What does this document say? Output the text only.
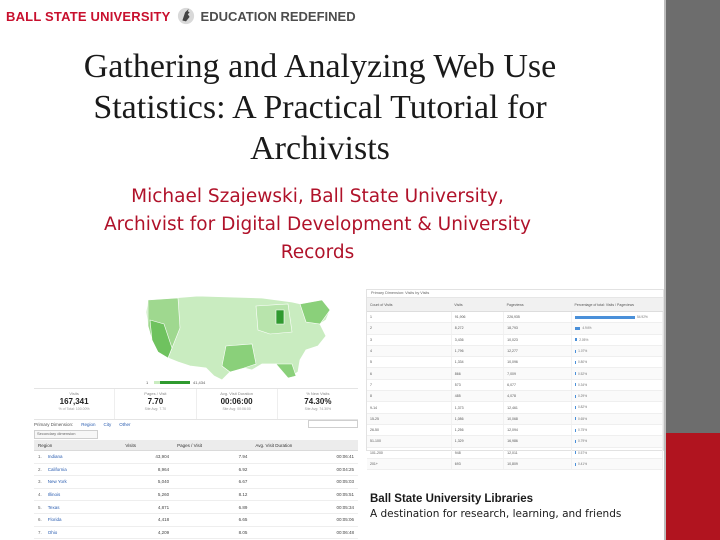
BALL STATE UNIVERSITY EDUCATION REDEFINED
Gathering and Analyzing Web Use Statistics: A Practical Tutorial for Archivists
Michael Szajewski, Ball State University, Archivist for Digital Development & University Records
1	41,434
Visits
167,341
% of Total: 100.00%
Pages / Visit
7.70
Site Avg: 7.70
Avg. Visit Duration
00:06:00
Site Avg: 00:06:00
% New Visits
74.30%
Site Avg: 74.30%
Primary Dimension: Region City Other
Secondary dimension
Region	Visits	Pages / Visit	Avg. Visit Duration
1. Indiana	43,904	7.94	00:06:41
2. California	8,964	6.92	00:04:25
3. New York	5,040	6.67	00:05:03
4. Illinois	5,260	8.12	00:05:51
5. Texas	4,871	6.89	00:05:34
6. Florida	4,418	6.65	00:05:06
7. Ohio	4,209	8.05	00:06:48
Primary Dimension: Visits by Visits
Count of Visits	Visits	Pageviews	Percentage of total: Visits / Pageviews
1	91,906	226,935	54.92%
2	8,272	18,793	4.94%
3	3,436	10,023	2.05%
4	1,796	12,277	1.07%
5	1,334	10,096	0.80%
6	866	7,009	0.52%
7	573	6,077	0.34%
8	485	4,078	0.29%
9-14	1,373	12,461	0.82%
15-25	1,086	10,068	0.65%
26-50	1,256	12,094	0.75%
51-100	1,329	16,986	0.79%
101-200	948	12,011	0.57%
201+	693	10,809	0.41%
Ball State University Libraries
A destination for research, learning, and friends
